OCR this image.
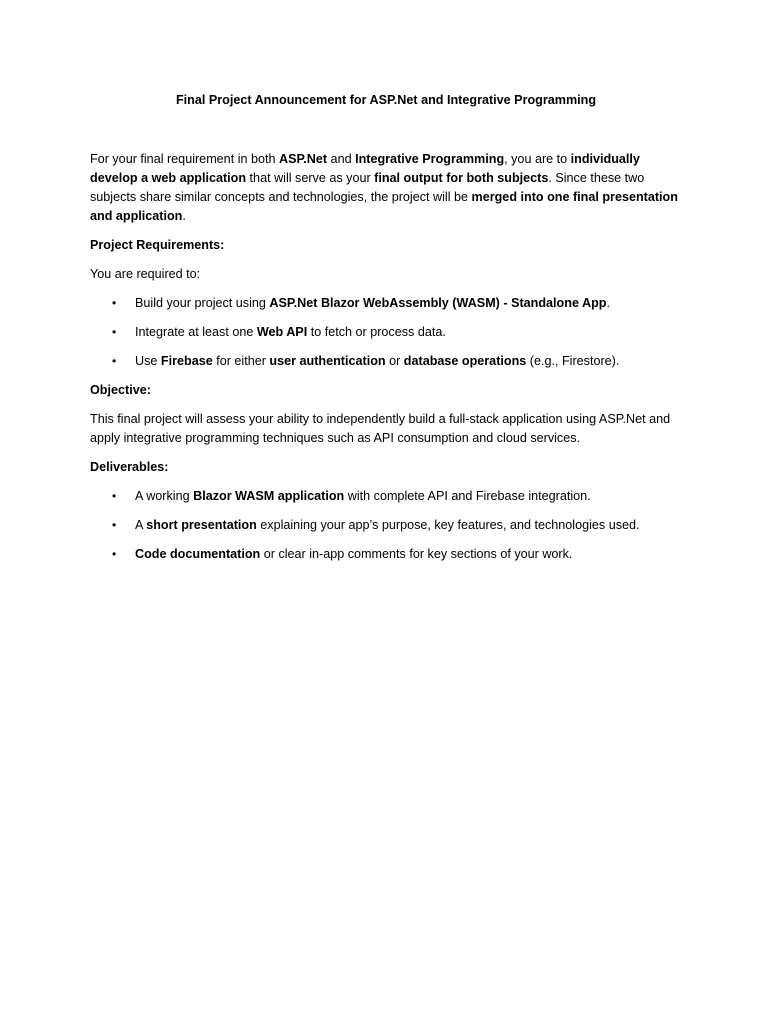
Final Project Announcement for ASP.Net and Integrative Programming

For your final requirement in both ASP.Net and Integrative Programming, you are to individually develop a web application that will serve as your final output for both subjects. Since these two subjects share similar concepts and technologies, the project will be merged into one final presentation and application.

Project Requirements:

You are required to:

• Build your project using ASP.Net Blazor WebAssembly (WASM) - Standalone App.
• Integrate at least one Web API to fetch or process data.
• Use Firebase for either user authentication or database operations (e.g., Firestore).

Objective:

This final project will assess your ability to independently build a full-stack application using ASP.Net and apply integrative programming techniques such as API consumption and cloud services.

Deliverables:

• A working Blazor WASM application with complete API and Firebase integration.
• A short presentation explaining your app’s purpose, key features, and technologies used.
• Code documentation or clear in-app comments for key sections of your work.
